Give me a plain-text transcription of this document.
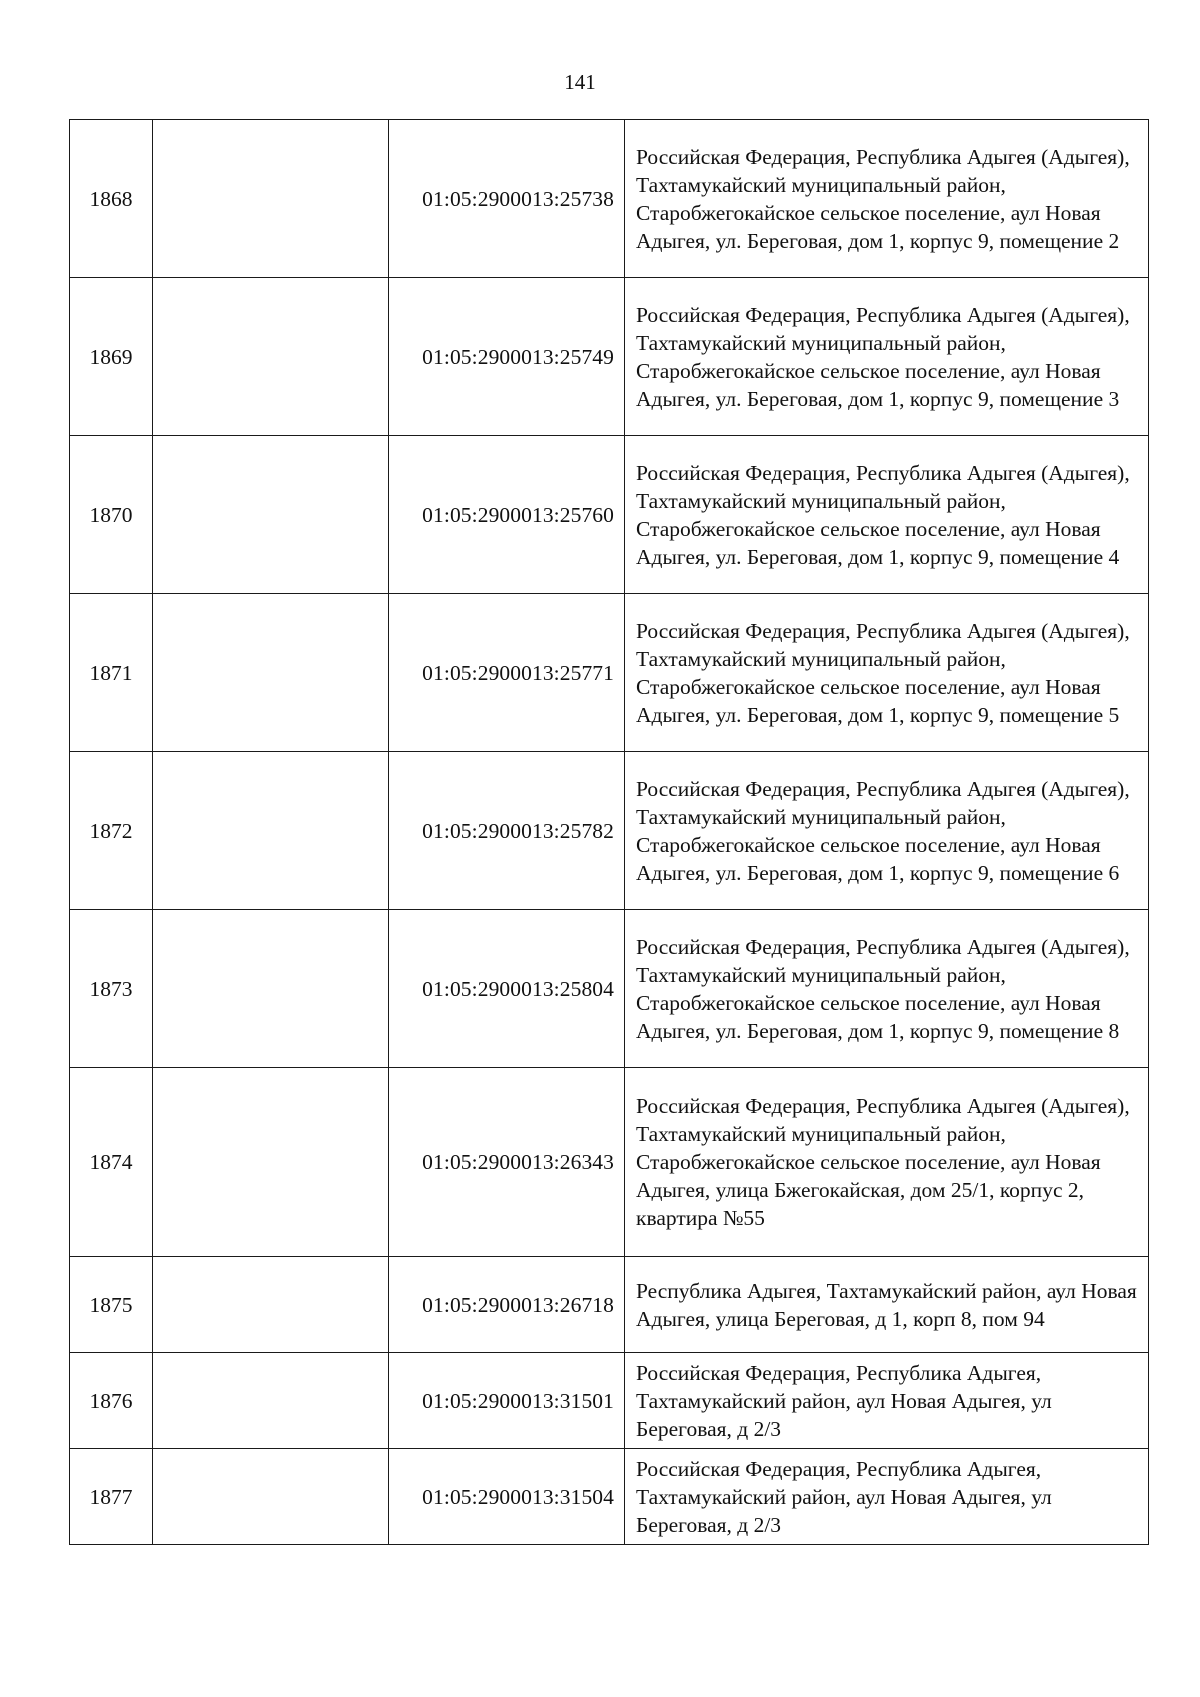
141
1868		01:05:2900013:25738	Российская Федерация, Республика Адыгея (Адыгея), Тахтамукайский муниципальный район, Старобжегокайское сельское поселение, аул Новая Адыгея, ул. Береговая, дом 1, корпус 9, помещение 2
1869		01:05:2900013:25749	Российская Федерация, Республика Адыгея (Адыгея), Тахтамукайский муниципальный район, Старобжегокайское сельское поселение, аул Новая Адыгея, ул. Береговая, дом 1, корпус 9, помещение 3
1870		01:05:2900013:25760	Российская Федерация, Республика Адыгея (Адыгея), Тахтамукайский муниципальный район, Старобжегокайское сельское поселение, аул Новая Адыгея, ул. Береговая, дом 1, корпус 9, помещение 4
1871		01:05:2900013:25771	Российская Федерация, Республика Адыгея (Адыгея), Тахтамукайский муниципальный район, Старобжегокайское сельское поселение, аул Новая Адыгея, ул. Береговая, дом 1, корпус 9, помещение 5
1872		01:05:2900013:25782	Российская Федерация, Республика Адыгея (Адыгея), Тахтамукайский муниципальный район, Старобжегокайское сельское поселение, аул Новая Адыгея, ул. Береговая, дом 1, корпус 9, помещение 6
1873		01:05:2900013:25804	Российская Федерация, Республика Адыгея (Адыгея), Тахтамукайский муниципальный район, Старобжегокайское сельское поселение, аул Новая Адыгея, ул. Береговая, дом 1, корпус 9, помещение 8
1874		01:05:2900013:26343	Российская Федерация, Республика Адыгея (Адыгея), Тахтамукайский муниципальный район, Старобжегокайское сельское поселение, аул Новая Адыгея, улица Бжегокайская, дом 25/1, корпус 2, квартира №55
1875		01:05:2900013:26718	Республика Адыгея, Тахтамукайский район, аул Новая Адыгея, улица Береговая, д 1, корп 8, пом 94
1876		01:05:2900013:31501	Российская Федерация, Республика Адыгея, Тахтамукайский район, аул Новая Адыгея, ул Береговая, д 2/3
1877		01:05:2900013:31504	Российская Федерация, Республика Адыгея, Тахтамукайский район, аул Новая Адыгея, ул Береговая, д 2/3
